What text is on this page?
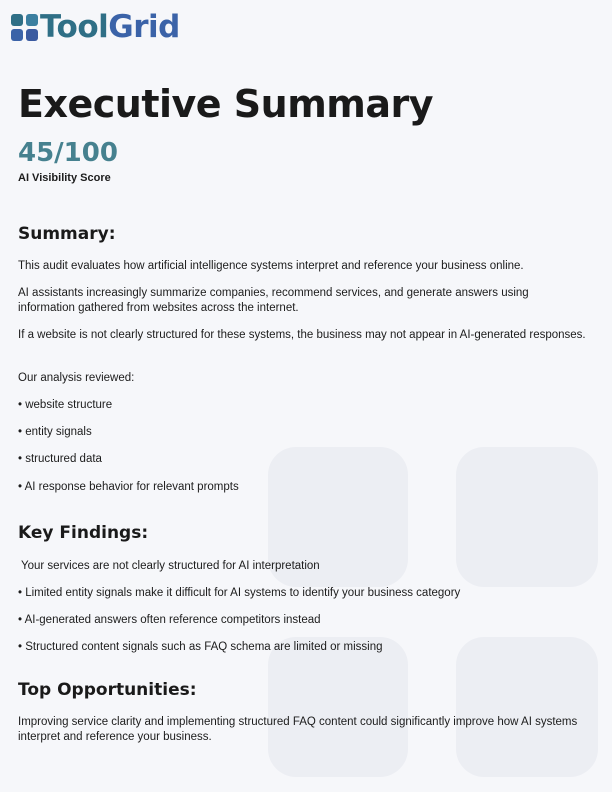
ToolGrid
Executive Summary
45/100
AI Visibility Score
Summary:

This audit evaluates how artificial intelligence systems interpret and reference your business online.

AI assistants increasingly summarize companies, recommend services, and generate answers using information gathered from websites across the internet.

If a website is not clearly structured for these systems, the business may not appear in AI-generated responses.

Our analysis reviewed:

• website structure

• entity signals

• structured data

• AI response behavior for relevant prompts

Key Findings:

Your services are not clearly structured for AI interpretation

• Limited entity signals make it difficult for AI systems to identify your business category

• AI-generated answers often reference competitors instead

• Structured content signals such as FAQ schema are limited or missing

Top Opportunities:

Improving service clarity and implementing structured FAQ content could significantly improve how AI systems interpret and reference your business.
